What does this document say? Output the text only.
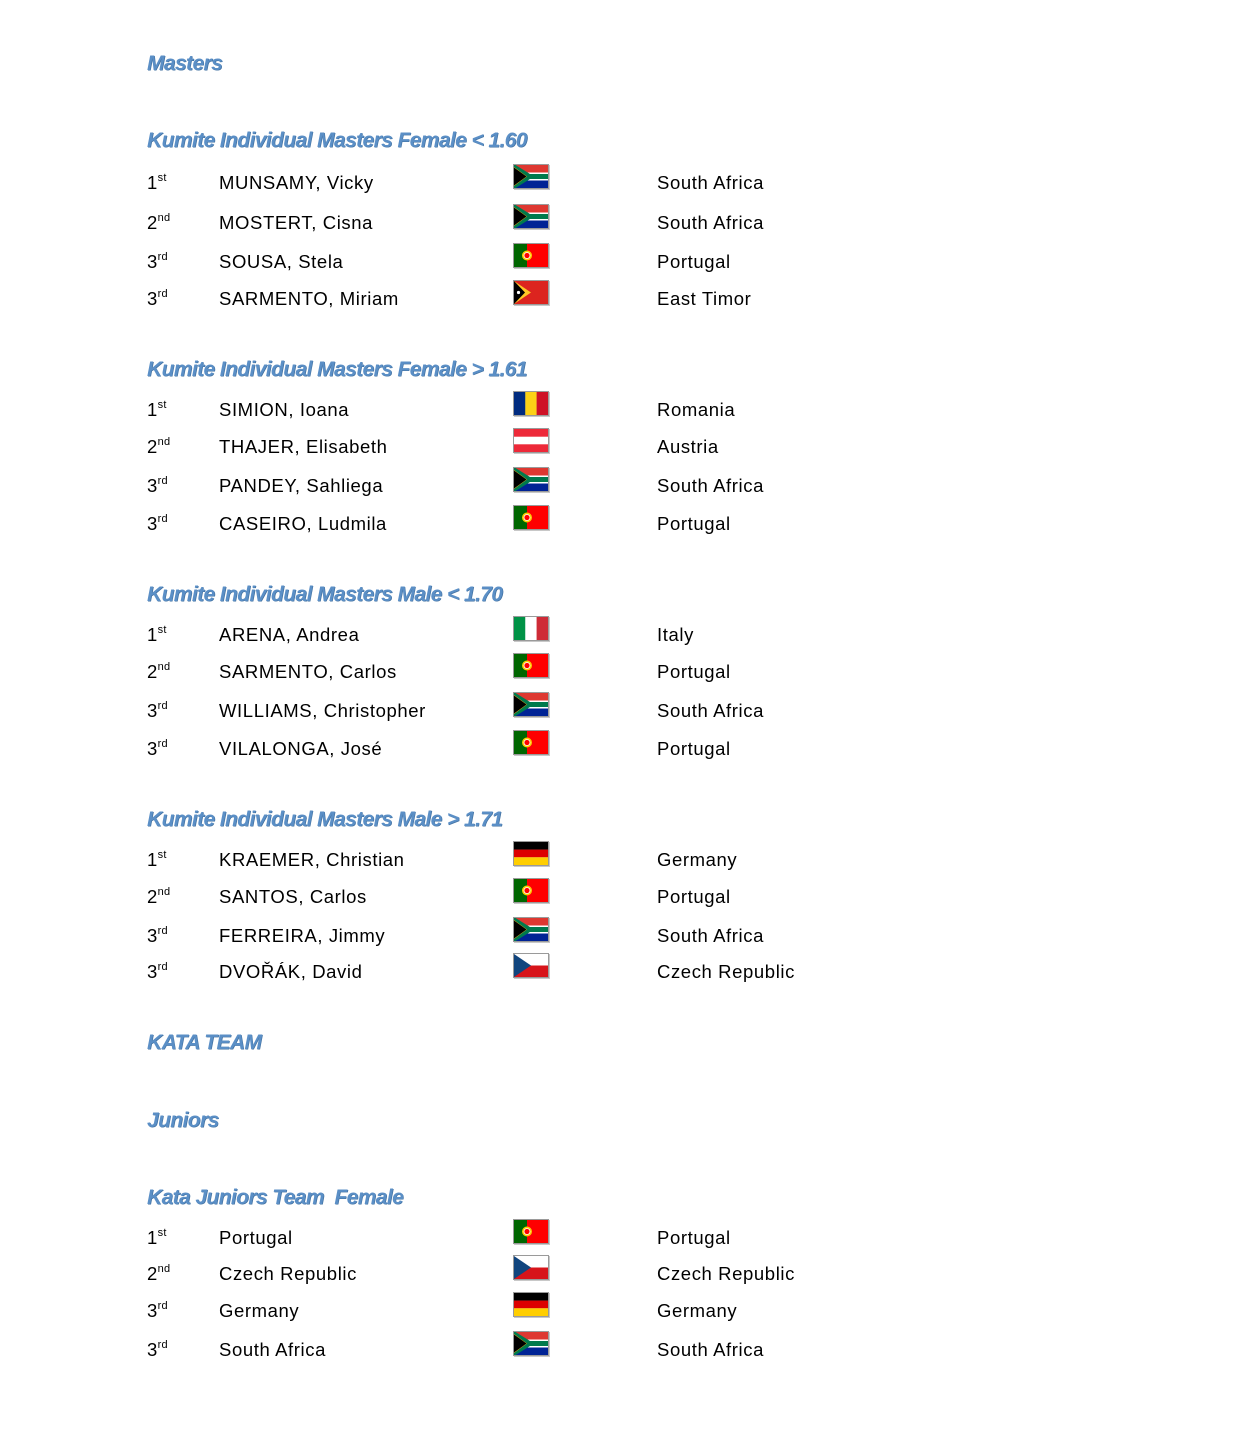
Masters
Kumite Individual Masters Female < 1.60
1st	MUNSAMY, Vicky	South Africa
2nd	MOSTERT, Cisna	South Africa
3rd	SOUSA, Stela	Portugal
3rd	SARMENTO, Miriam	East Timor
Kumite Individual Masters Female > 1.61
1st	SIMION, Ioana	Romania
2nd	THAJER, Elisabeth	Austria
3rd	PANDEY, Sahliega	South Africa
3rd	CASEIRO, Ludmila	Portugal
Kumite Individual Masters Male < 1.70
1st	ARENA, Andrea	Italy
2nd	SARMENTO, Carlos	Portugal
3rd	WILLIAMS, Christopher	South Africa
3rd	VILALONGA, José	Portugal
Kumite Individual Masters Male > 1.71
1st	KRAEMER, Christian	Germany
2nd	SANTOS, Carlos	Portugal
3rd	FERREIRA, Jimmy	South Africa
3rd	DVOŘÁK, David	Czech Republic
KATA TEAM
Juniors
Kata Juniors Team  Female
1st	Portugal	Portugal
2nd	Czech Republic	Czech Republic
3rd	Germany	Germany
3rd	South Africa	South Africa
